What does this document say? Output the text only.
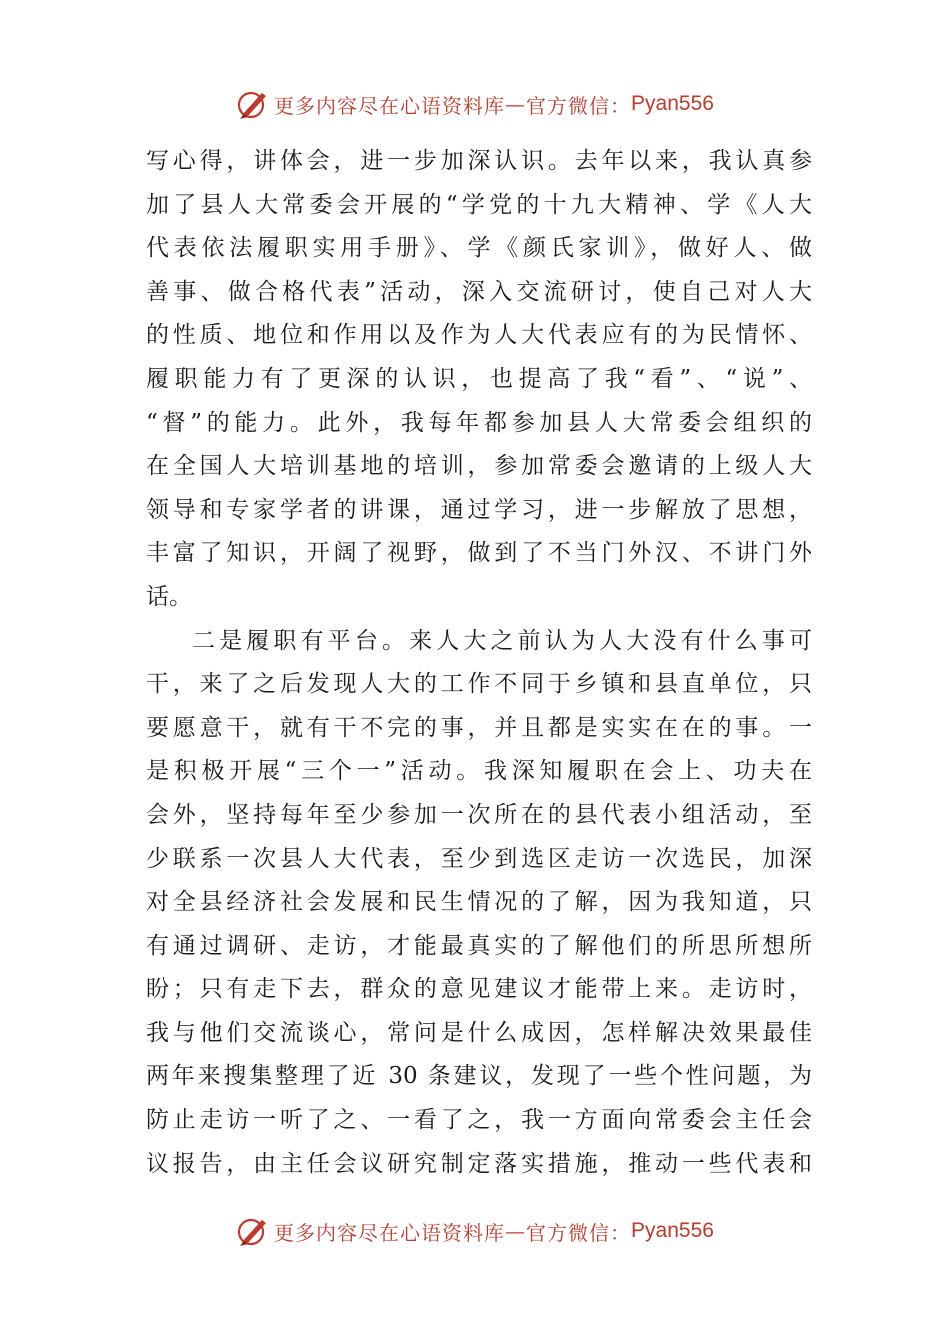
更多内容尽在心语资料库 — 官方微信： Pyan556
写心得，讲体会，进一步加深认识。去年以来，我认真参
加了县人大常委会开展的“学党的十九大精神、学《人大
代表依法履职实用手册》、学《颜氏家训》，做好人、做
善事、做合格代表”活动，深入交流研讨，使自己对人大
的性质、地位和作用以及作为人大代表应有的为民情怀、
履职能力有了更深的认识，也提高了我“看”、“说”、
“督”的能力。此外，我每年都参加县人大常委会组织的
在全国人大培训基地的培训，参加常委会邀请的上级人大
领导和专家学者的讲课，通过学习，进一步解放了思想，
丰富了知识，开阔了视野，做到了不当门外汉、不讲门外
话。
二是履职有平台。来人大之前认为人大没有什么事可
干，来了之后发现人大的工作不同于乡镇和县直单位，只
要愿意干，就有干不完的事，并且都是实实在在的事。一
是积极开展“三个一”活动。我深知履职在会上、功夫在
会外，坚持每年至少参加一次所在的县代表小组活动，至
少联系一次县人大代表，至少到选区走访一次选民，加深
对全县经济社会发展和民生情况的了解，因为我知道，只
有通过调研、走访，才能最真实的了解他们的所思所想所
盼；只有走下去，群众的意见建议才能带上来。走访时，
我与他们交流谈心，常问是什么成因，怎样解决效果最佳
两年来搜集整理了近 30 条建议，发现了一些个性问题，为
防止走访一听了之、一看了之，我一方面向常委会主任会
议报告，由主任会议研究制定落实措施，推动一些代表和
更多内容尽在心语资料库 — 官方微信： Pyan556
